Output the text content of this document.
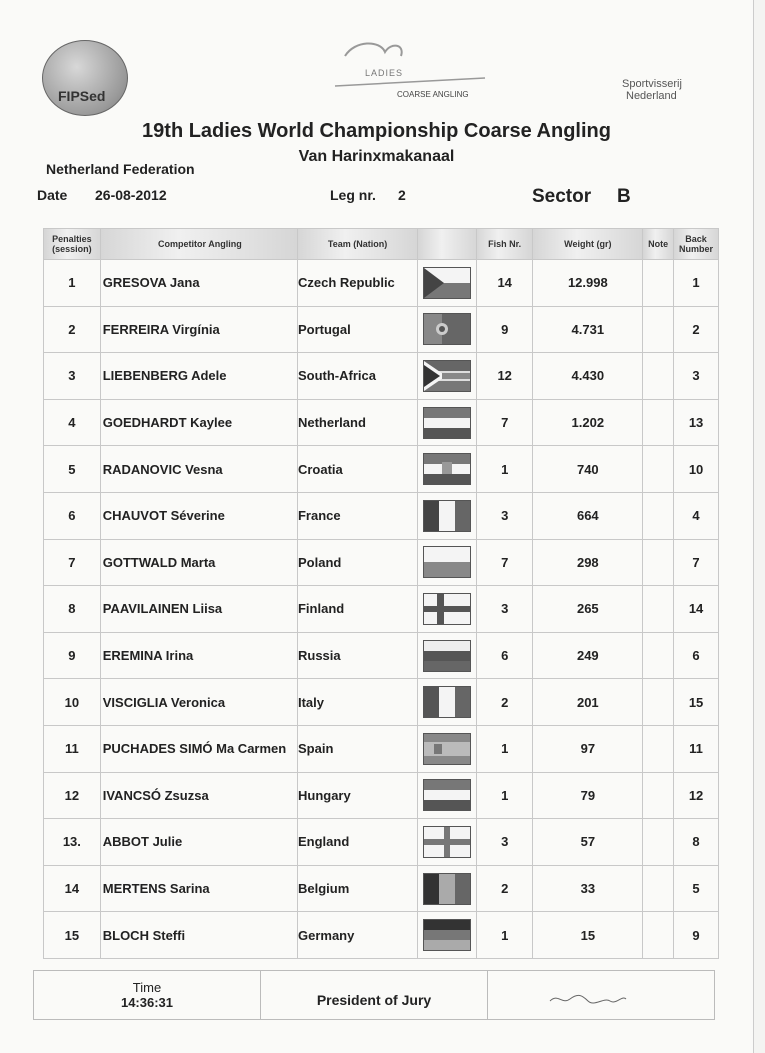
FIPSed
LADIES
COARSE ANGLING
Sportvisserij
Nederland
19th Ladies World Championship Coarse Angling
Van Harinxmakanaal
Netherland Federation
Date 26-08-2012	Leg nr. 2	Sector B
Penalties (session)	Competitor Angling	Team (Nation)		Fish Nr.	Weight (gr)	Note	Back Number
1	GRESOVA Jana	Czech Republic		14	12.998		1
2	FERREIRA Virgínia	Portugal		9	4.731		2
3	LIEBENBERG Adele	South-Africa		12	4.430		3
4	GOEDHARDT Kaylee	Netherland		7	1.202		13
5	RADANOVIC Vesna	Croatia		1	740		10
6	CHAUVOT Séverine	France		3	664		4
7	GOTTWALD Marta	Poland		7	298		7
8	PAAVILAINEN Liisa	Finland		3	265		14
9	EREMINA Irina	Russia		6	249		6
10	VISCIGLIA Veronica	Italy		2	201		15
11	PUCHADES SIMÓ Ma Carmen	Spain		1	97		11
12	IVANCSÓ Zsuzsa	Hungary		1	79		12
13.	ABBOT Julie	England		3	57		8
14	MERTENS Sarina	Belgium		2	33		5
15	BLOCH Steffi	Germany		1	15		9
Time
14:36:31	President of Jury
